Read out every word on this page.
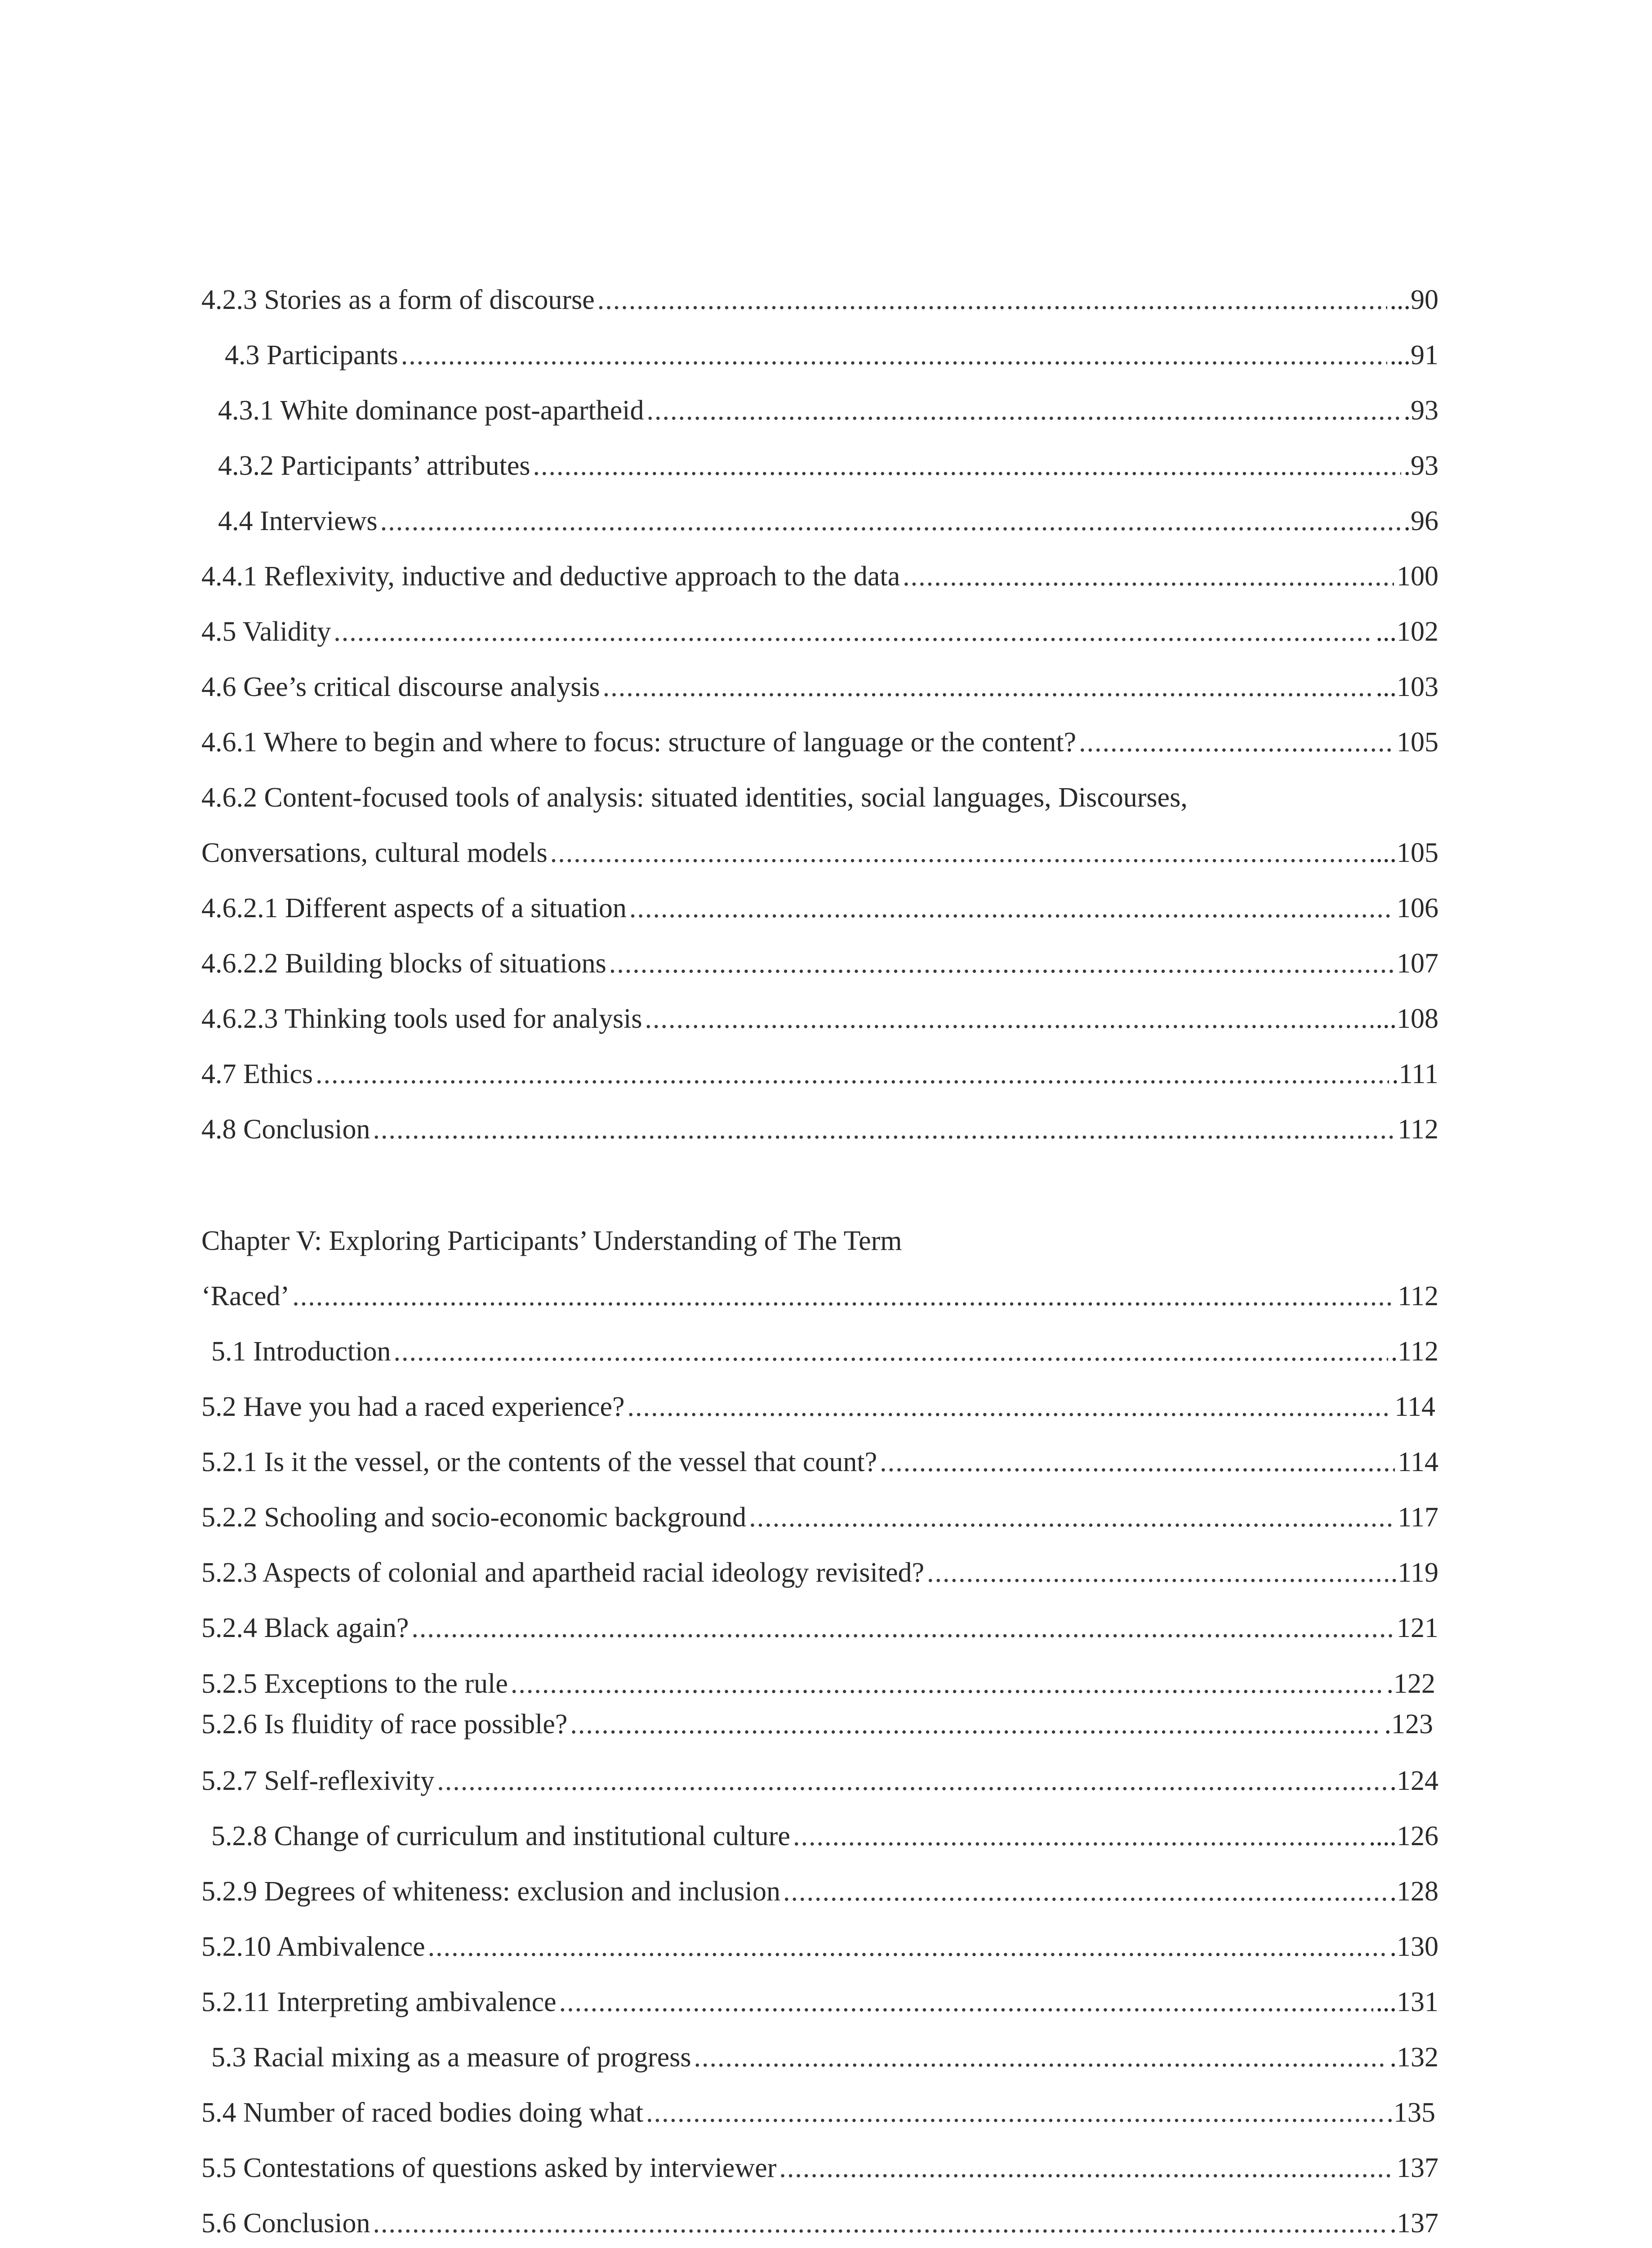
4.2.3 Stories as a form of discourse .....	...90
4.3 Participants .....	...91
4.3.1 White dominance post-apartheid .....	.93
4.3.2 Participants’ attributes .....	.93
4.4 Interviews .....	.96
4.4.1 Reflexivity, inductive and deductive approach to the data .....	100
4.5 Validity .....	...102
4.6 Gee’s critical discourse analysis .....	...103
4.6.1 Where to begin and where to focus: structure of language or the content? .....	105
4.6.2 Content-focused tools of analysis: situated identities, social languages, Discourses,
Conversations, cultural models .....	....105
4.6.2.1 Different aspects of a situation .....	106
4.6.2.2 Building blocks of situations .....	107
4.6.2.3 Thinking tools used for analysis .....	...108
4.7 Ethics .....	.111
4.8 Conclusion .....	112
Chapter V: Exploring Participants’ Understanding of The Term
‘Raced’ .....	112
5.1 Introduction .....	.112
5.2 Have you had a raced experience? .....	114
5.2.1 Is it the vessel, or the contents of the vessel that count? .....	114
5.2.2 Schooling and socio-economic background .....	117
5.2.3 Aspects of colonial and apartheid racial ideology revisited? .....	.119
5.2.4 Black again? .....	121
5.2.5 Exceptions to the rule .....	.122
5.2.6 Is fluidity of race possible? .....	.123
5.2.7 Self-reflexivity .....	.124
5.2.8 Change of curriculum and institutional culture .....	....126
5.2.9 Degrees of whiteness: exclusion and inclusion .....	.128
5.2.10 Ambivalence .....	.130
5.2.11 Interpreting ambivalence .....	...131
5.3 Racial mixing as a measure of progress .....	.132
5.4 Number of raced bodies doing what .....	.135
5.5 Contestations of questions asked by interviewer .....	137
5.6 Conclusion .....	.137
